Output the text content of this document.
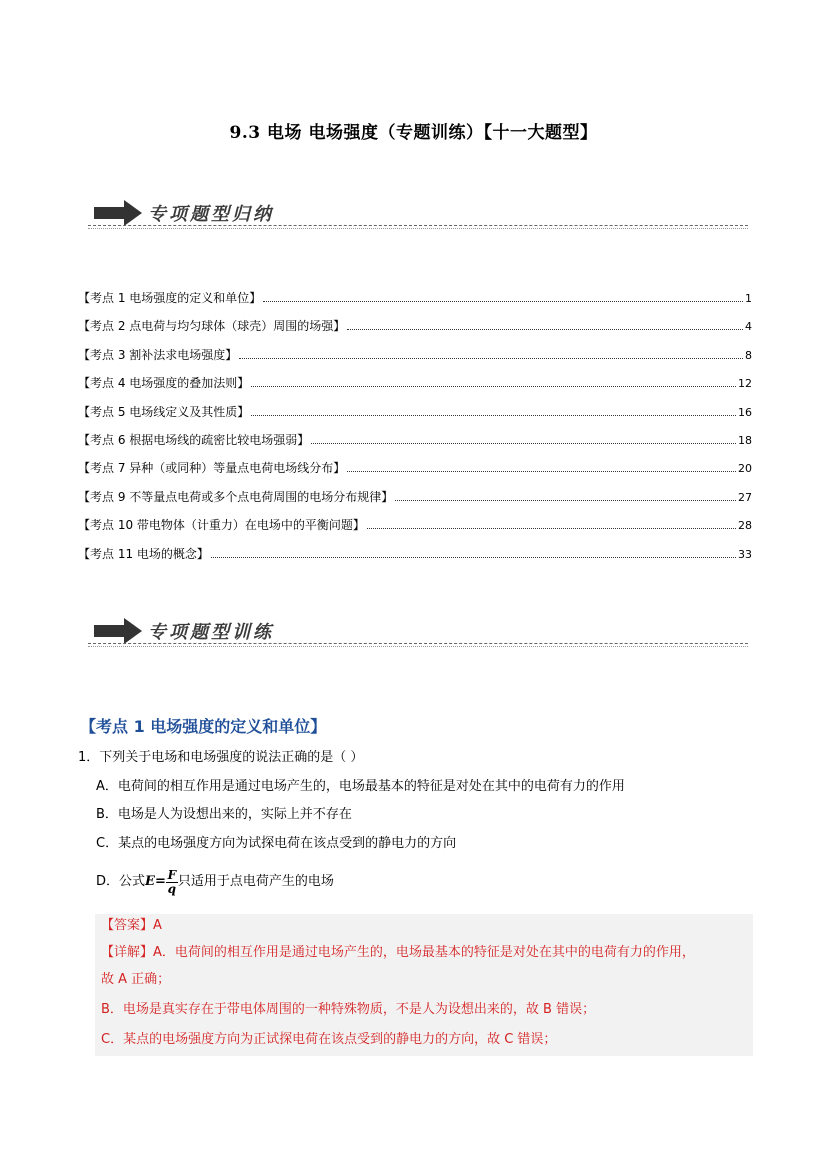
9.3 电场 电场强度（专题训练）【十一大题型】
专项题型归纳
【考点 1 电场强度的定义和单位】	1
【考点 2 点电荷与均匀球体（球壳）周围的场强】	4
【考点 3 割补法求电场强度】	8
【考点 4 电场强度的叠加法则】	12
【考点 5 电场线定义及其性质】	16
【考点 6 根据电场线的疏密比较电场强弱】	18
【考点 7 异种（或同种）等量点电荷电场线分布】	20
【考点 9 不等量点电荷或多个点电荷周围的电场分布规律】	27
【考点 10 带电物体（计重力）在电场中的平衡问题】	28
【考点 11 电场的概念】	33
专项题型训练
【考点 1 电场强度的定义和单位】
1．下列关于电场和电场强度的说法正确的是（ ）
A．电荷间的相互作用是通过电场产生的，电场最基本的特征是对处在其中的电荷有力的作用
B．电场是人为设想出来的，实际上并不存在
C．某点的电场强度方向为试探电荷在该点受到的静电力的方向
D．公式 $E = \frac{F}{q}$ 只适用于点电荷产生的电场
【答案】A
【详解】A．电荷间的相互作用是通过电场产生的，电场最基本的特征是对处在其中的电荷有力的作用，
故 A 正确；
B．电场是真实存在于带电体周围的一种特殊物质，不是人为设想出来的，故 B 错误；
C．某点的电场强度方向为正试探电荷在该点受到的静电力的方向，故 C 错误；
